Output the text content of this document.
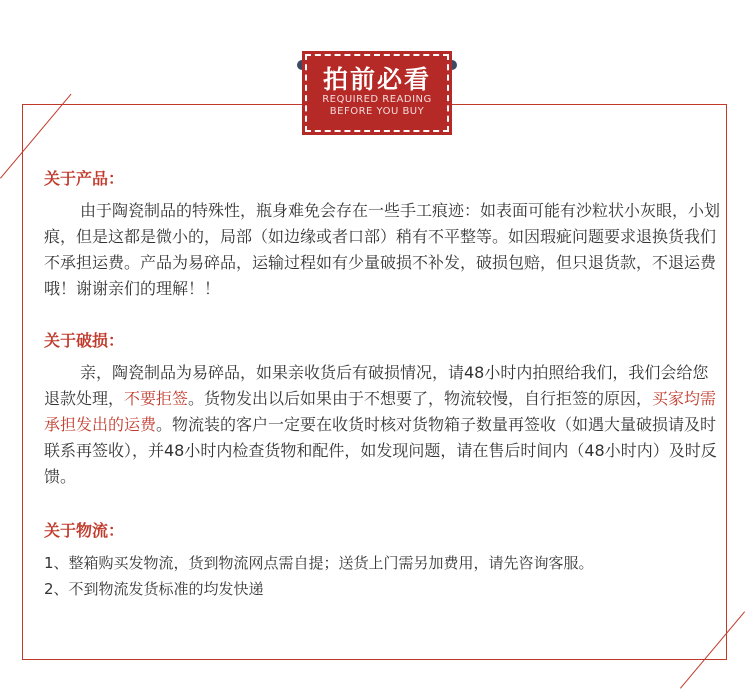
拍前必看
REQUIRED READING
BEFORE YOU BUY
关于产品：
由于陶瓷制品的特殊性，瓶身难免会存在一些手工痕迹：如表面可能有沙粒状小灰眼，小划痕，但是这都是微小的，局部（如边缘或者口部）稍有不平整等。如因瑕疵问题要求退换货我们不承担运费。产品为易碎品，运输过程如有少量破损不补发，破损包赔，但只退货款，不退运费哦！谢谢亲们的理解！！
关于破损：
亲，陶瓷制品为易碎品，如果亲收货后有破损情况，请48小时内拍照给我们，我们会给您退款处理，不要拒签。货物发出以后如果由于不想要了，物流较慢，自行拒签的原因，买家均需承担发出的运费。物流装的客户一定要在收货时核对货物箱子数量再签收（如遇大量破损请及时联系再签收），并48小时内检查货物和配件，如发现问题，请在售后时间内（48小时内）及时反馈。
关于物流：
1、整箱购买发物流，货到物流网点需自提；送货上门需另加费用，请先咨询客服。
2、不到物流发货标准的均发快递
